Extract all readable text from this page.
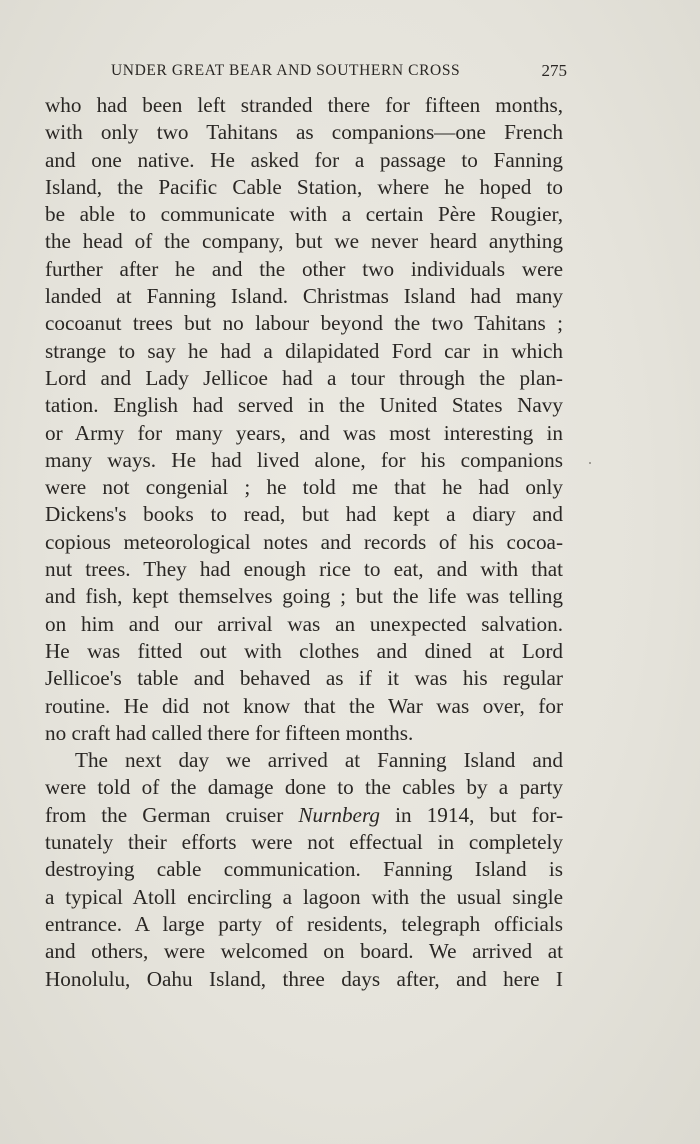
UNDER GREAT BEAR AND SOUTHERN CROSS	275
who had been left stranded there for fifteen months,
with only two Tahitans as companions—one French
and one native. He asked for a passage to Fanning
Island, the Pacific Cable Station, where he hoped to
be able to communicate with a certain Père Rougier,
the head of the company, but we never heard anything
further after he and the other two individuals were
landed at Fanning Island. Christmas Island had many
cocoanut trees but no labour beyond the two Tahitans ;
strange to say he had a dilapidated Ford car in which
Lord and Lady Jellicoe had a tour through the plan-
tation. English had served in the United States Navy
or Army for many years, and was most interesting in
many ways. He had lived alone, for his companions
were not congenial ; he told me that he had only
Dickens's books to read, but had kept a diary and
copious meteorological notes and records of his cocoa-
nut trees. They had enough rice to eat, and with that
and fish, kept themselves going ; but the life was telling
on him and our arrival was an unexpected salvation.
He was fitted out with clothes and dined at Lord
Jellicoe's table and behaved as if it was his regular
routine. He did not know that the War was over, for
no craft had called there for fifteen months.
The next day we arrived at Fanning Island and
were told of the damage done to the cables by a party
from the German cruiser Nurnberg in 1914, but for-
tunately their efforts were not effectual in completely
destroying cable communication. Fanning Island is
a typical Atoll encircling a lagoon with the usual single
entrance. A large party of residents, telegraph officials
and others, were welcomed on board. We arrived at
Honolulu, Oahu Island, three days after, and here I
